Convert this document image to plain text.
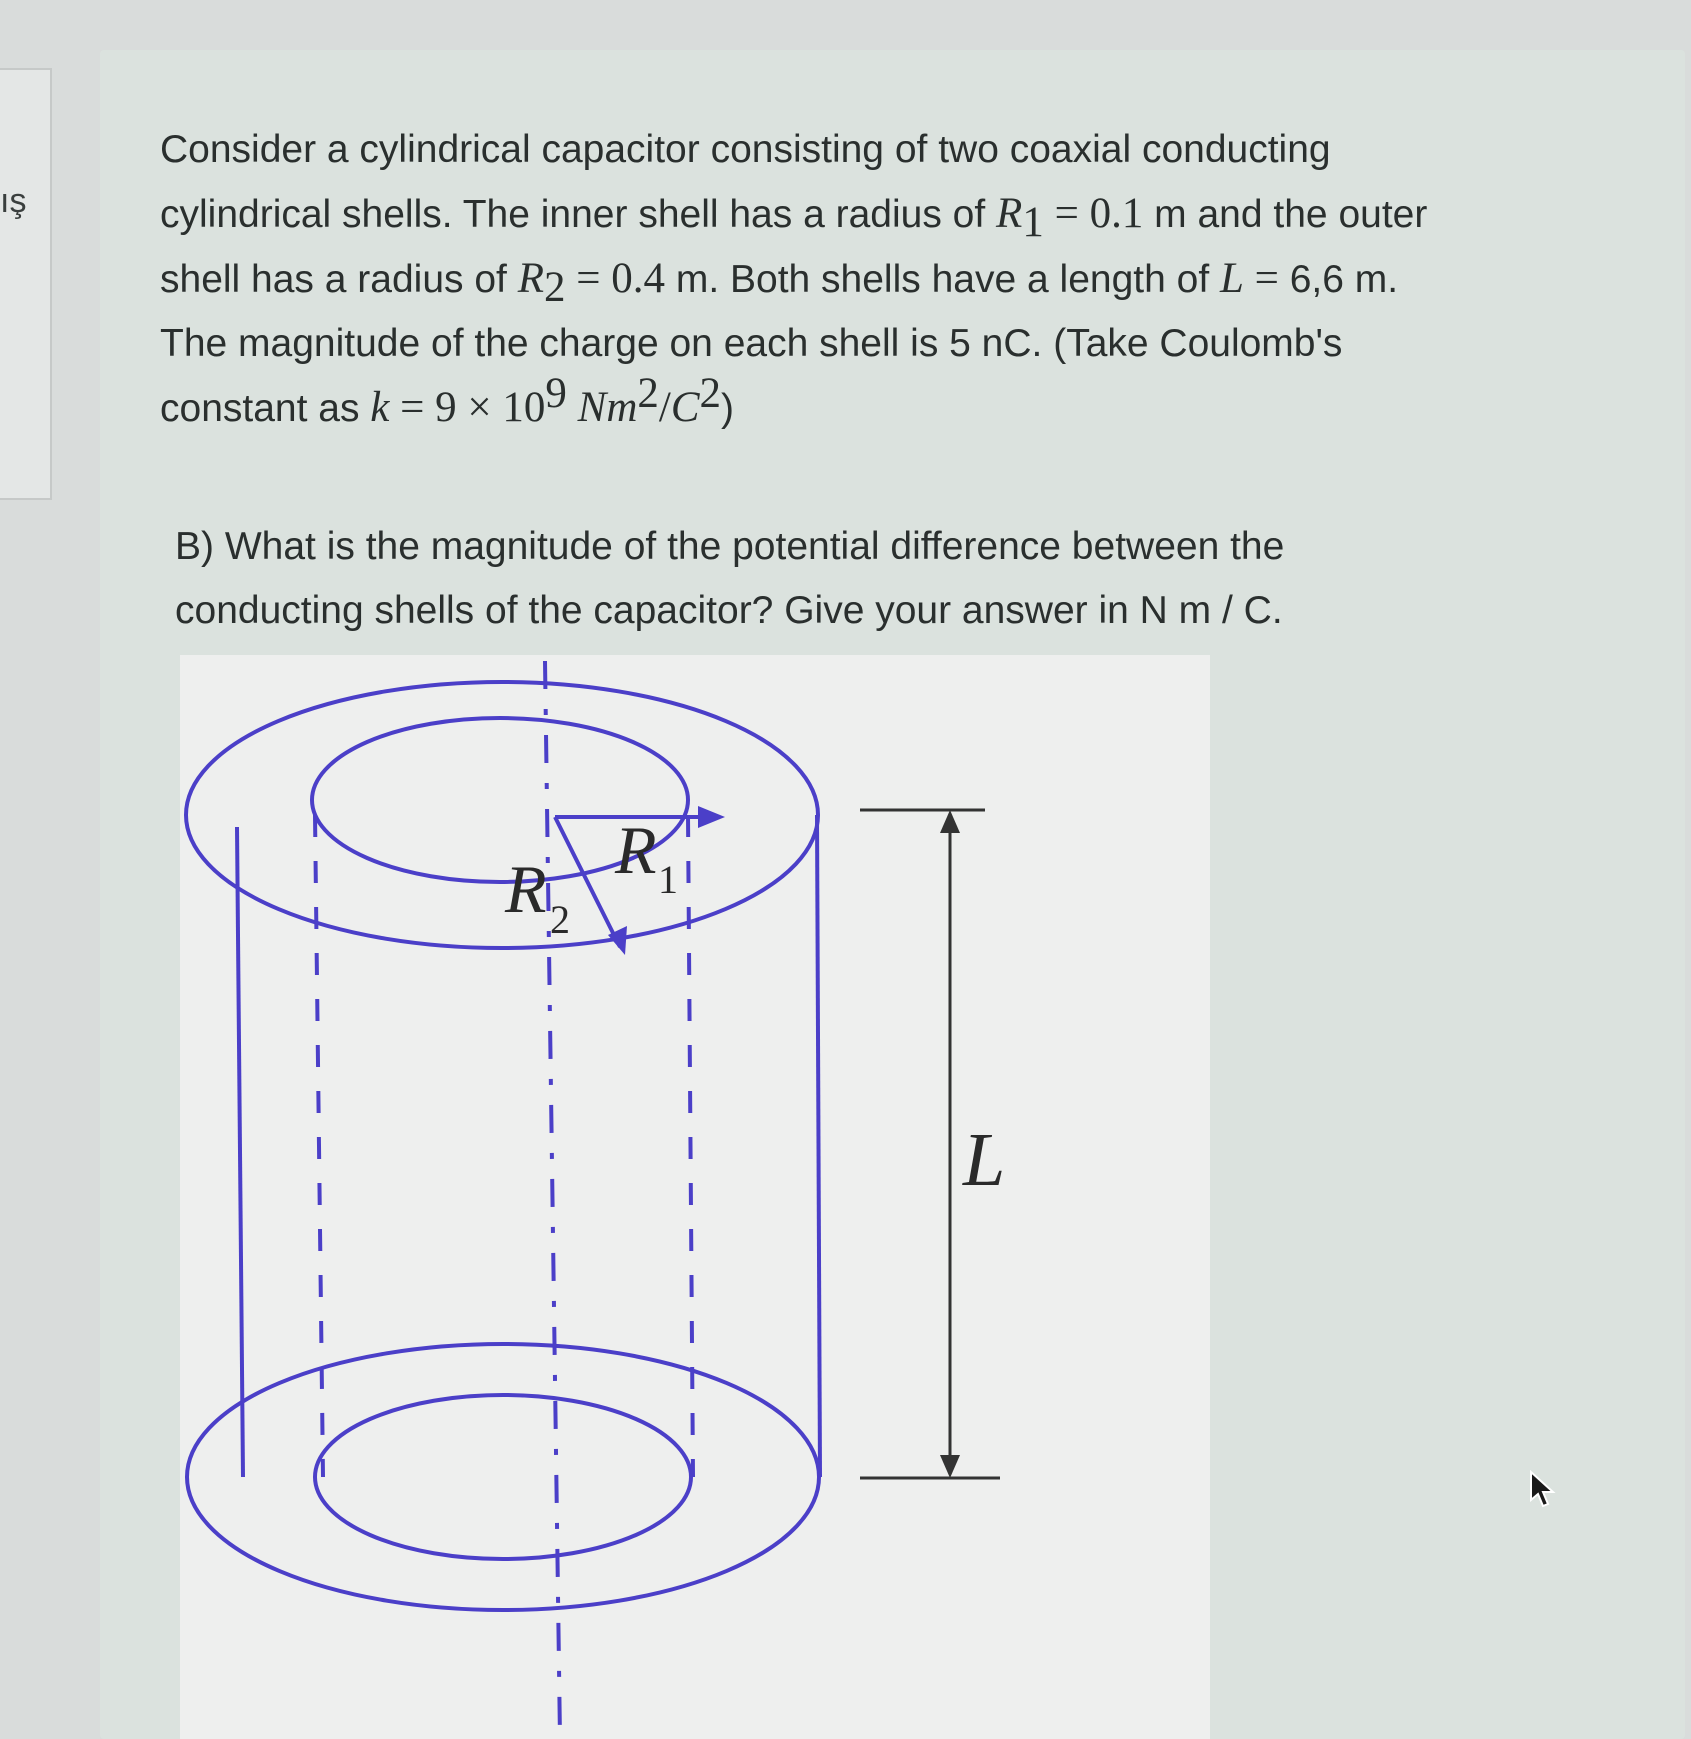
ış
Consider a cylindrical capacitor consisting of two coaxial conducting
cylindrical shells. The inner shell has a radius of $R_1 = 0.1$ m and the outer
shell has a radius of $R_2 = 0.4$ m. Both shells have a length of L = 6,6 m.
The magnitude of the charge on each shell is 5 nC. (Take Coulomb's
constant as $k = 9 \times 10^9$ $Nm^2/C^2$)
B) What is the magnitude of the potential difference between the
conducting shells of the capacitor? Give your answer in N m / C.
R 1
R 2
L
